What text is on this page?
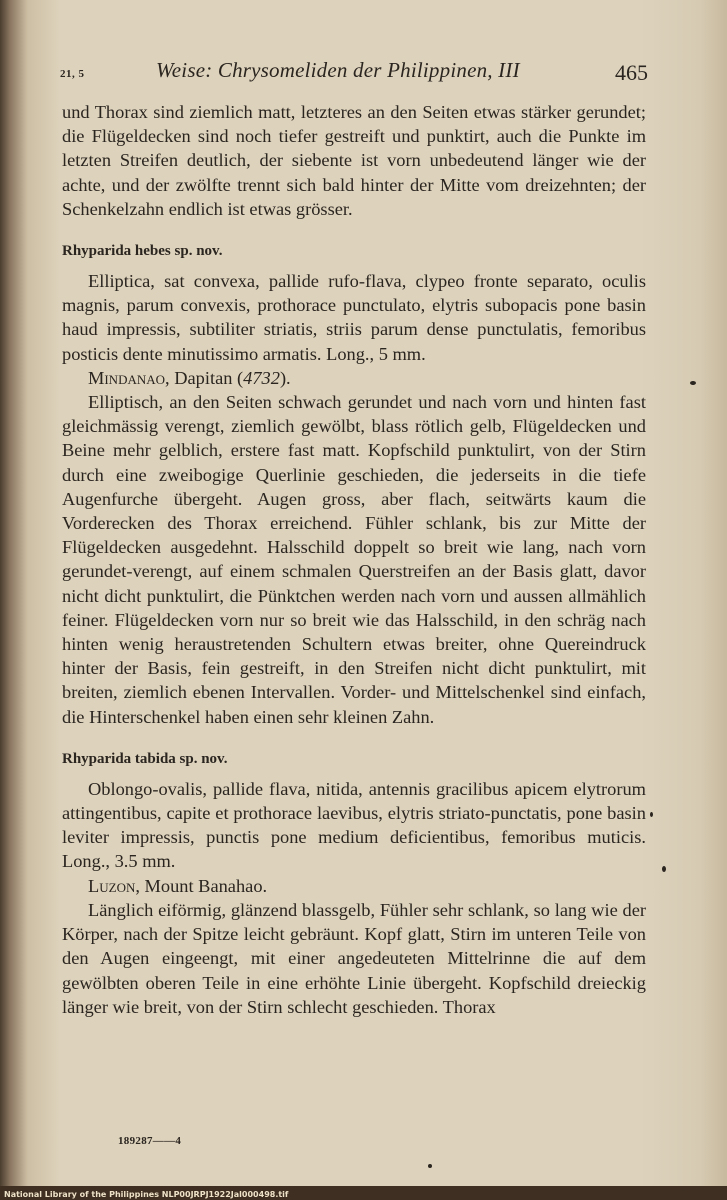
21, 5	Weise: Chrysomeliden der Philippinen, III	465

und Thorax sind ziemlich matt, letzteres an den Seiten etwas stärker gerundet; die Flügeldecken sind noch tiefer gestreift und punktirt, auch die Punkte im letzten Streifen deutlich, der siebente ist vorn unbedeutend länger wie der achte, und der zwölfte trennt sich bald hinter der Mitte vom dreizehnten; der Schenkelzahn endlich ist etwas grösser.

Rhyparida hebes sp. nov.

Elliptica, sat convexa, pallide rufo-flava, clypeo fronte separato, oculis magnis, parum convexis, prothorace punctulato, elytris subopacis pone basin haud impressis, subtiliter striatis, striis parum dense punctulatis, femoribus posticis dente minutissimo armatis. Long., 5 mm.

Mindanao, Dapitan (4732).

Elliptisch, an den Seiten schwach gerundet und nach vorn und hinten fast gleichmässig verengt, ziemlich gewölbt, blass rötlich gelb, Flügeldecken und Beine mehr gelblich, erstere fast matt. Kopfschild punktulirt, von der Stirn durch eine zweibogige Querlinie geschieden, die jederseits in die tiefe Augenfurche übergeht. Augen gross, aber flach, seitwärts kaum die Vorderecken des Thorax erreichend. Fühler schlank, bis zur Mitte der Flügeldecken ausgedehnt. Halsschild doppelt so breit wie lang, nach vorn gerundet-verengt, auf einem schmalen Querstreifen an der Basis glatt, davor nicht dicht punktulirt, die Pünktchen werden nach vorn und aussen allmählich feiner. Flügeldecken vorn nur so breit wie das Halsschild, in den schräg nach hinten wenig heraustretenden Schultern etwas breiter, ohne Quereindruck hinter der Basis, fein gestreift, in den Streifen nicht dicht punktulirt, mit breiten, ziemlich ebenen Intervallen. Vorder- und Mittelschenkel sind einfach, die Hinterschenkel haben einen sehr kleinen Zahn.

Rhyparida tabida sp. nov.

Oblongo-ovalis, pallide flava, nitida, antennis gracilibus apicem elytrorum attingentibus, capite et prothorace laevibus, elytris striato-punctatis, pone basin leviter impressis, punctis pone medium deficientibus, femoribus muticis. Long., 3.5 mm.

Luzon, Mount Banahao.

Länglich eiförmig, glänzend blassgelb, Fühler sehr schlank, so lang wie der Körper, nach der Spitze leicht gebräunt. Kopf glatt, Stirn im unteren Teile von den Augen eingeengt, mit einer angedeuteten Mittelrinne die auf dem gewölbten oberen Teile in eine erhöhte Linie übergeht. Kopfschild dreieckig länger wie breit, von der Stirn schlecht geschieden. Thorax

189287——4
National Library of the Philippines NLP00JRPJ1922Jal000498.tif
